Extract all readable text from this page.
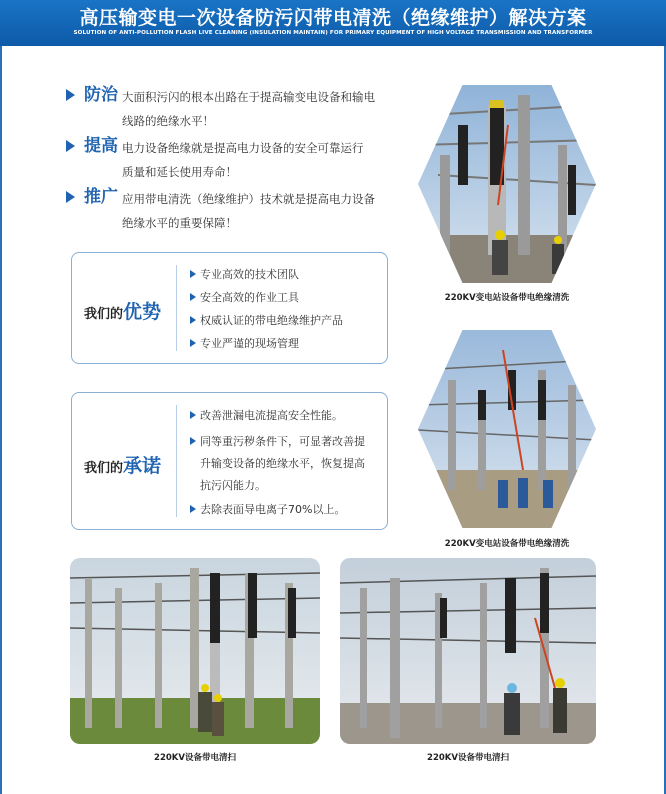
高压输变电一次设备防污闪带电清洗（绝缘维护）解决方案
SOLUTION OF ANTI-POLLUTION FLASH LIVE CLEANING (INSULATION MAINTAIN) FOR PRIMARY EQUIPMENT OF HIGH VOLTAGE TRANSMISSION AND TRANSFORMER
防治 大面积污闪的根本出路在于提高输变电设备和输电
线路的绝缘水平！
提高 电力设备绝缘就是提高电力设备的安全可靠运行
质量和延长使用寿命！
推广 应用带电清洗（绝缘维护）技术就是提高电力设备
绝缘水平的重要保障！
我们的优势
专业高效的技术团队
安全高效的作业工具
权威认证的带电绝缘维护产品
专业严谨的现场管理
我们的承诺
改善泄漏电流提高安全性能。
同等重污秽条件下，可显著改善提
升输变设备的绝缘水平，恢复提高
抗污闪能力。
去除表面导电离子70%以上。
220KV变电站设备带电绝缘清洗
220KV变电站设备带电绝缘清洗
220KV设备带电清扫	220KV设备带电清扫
